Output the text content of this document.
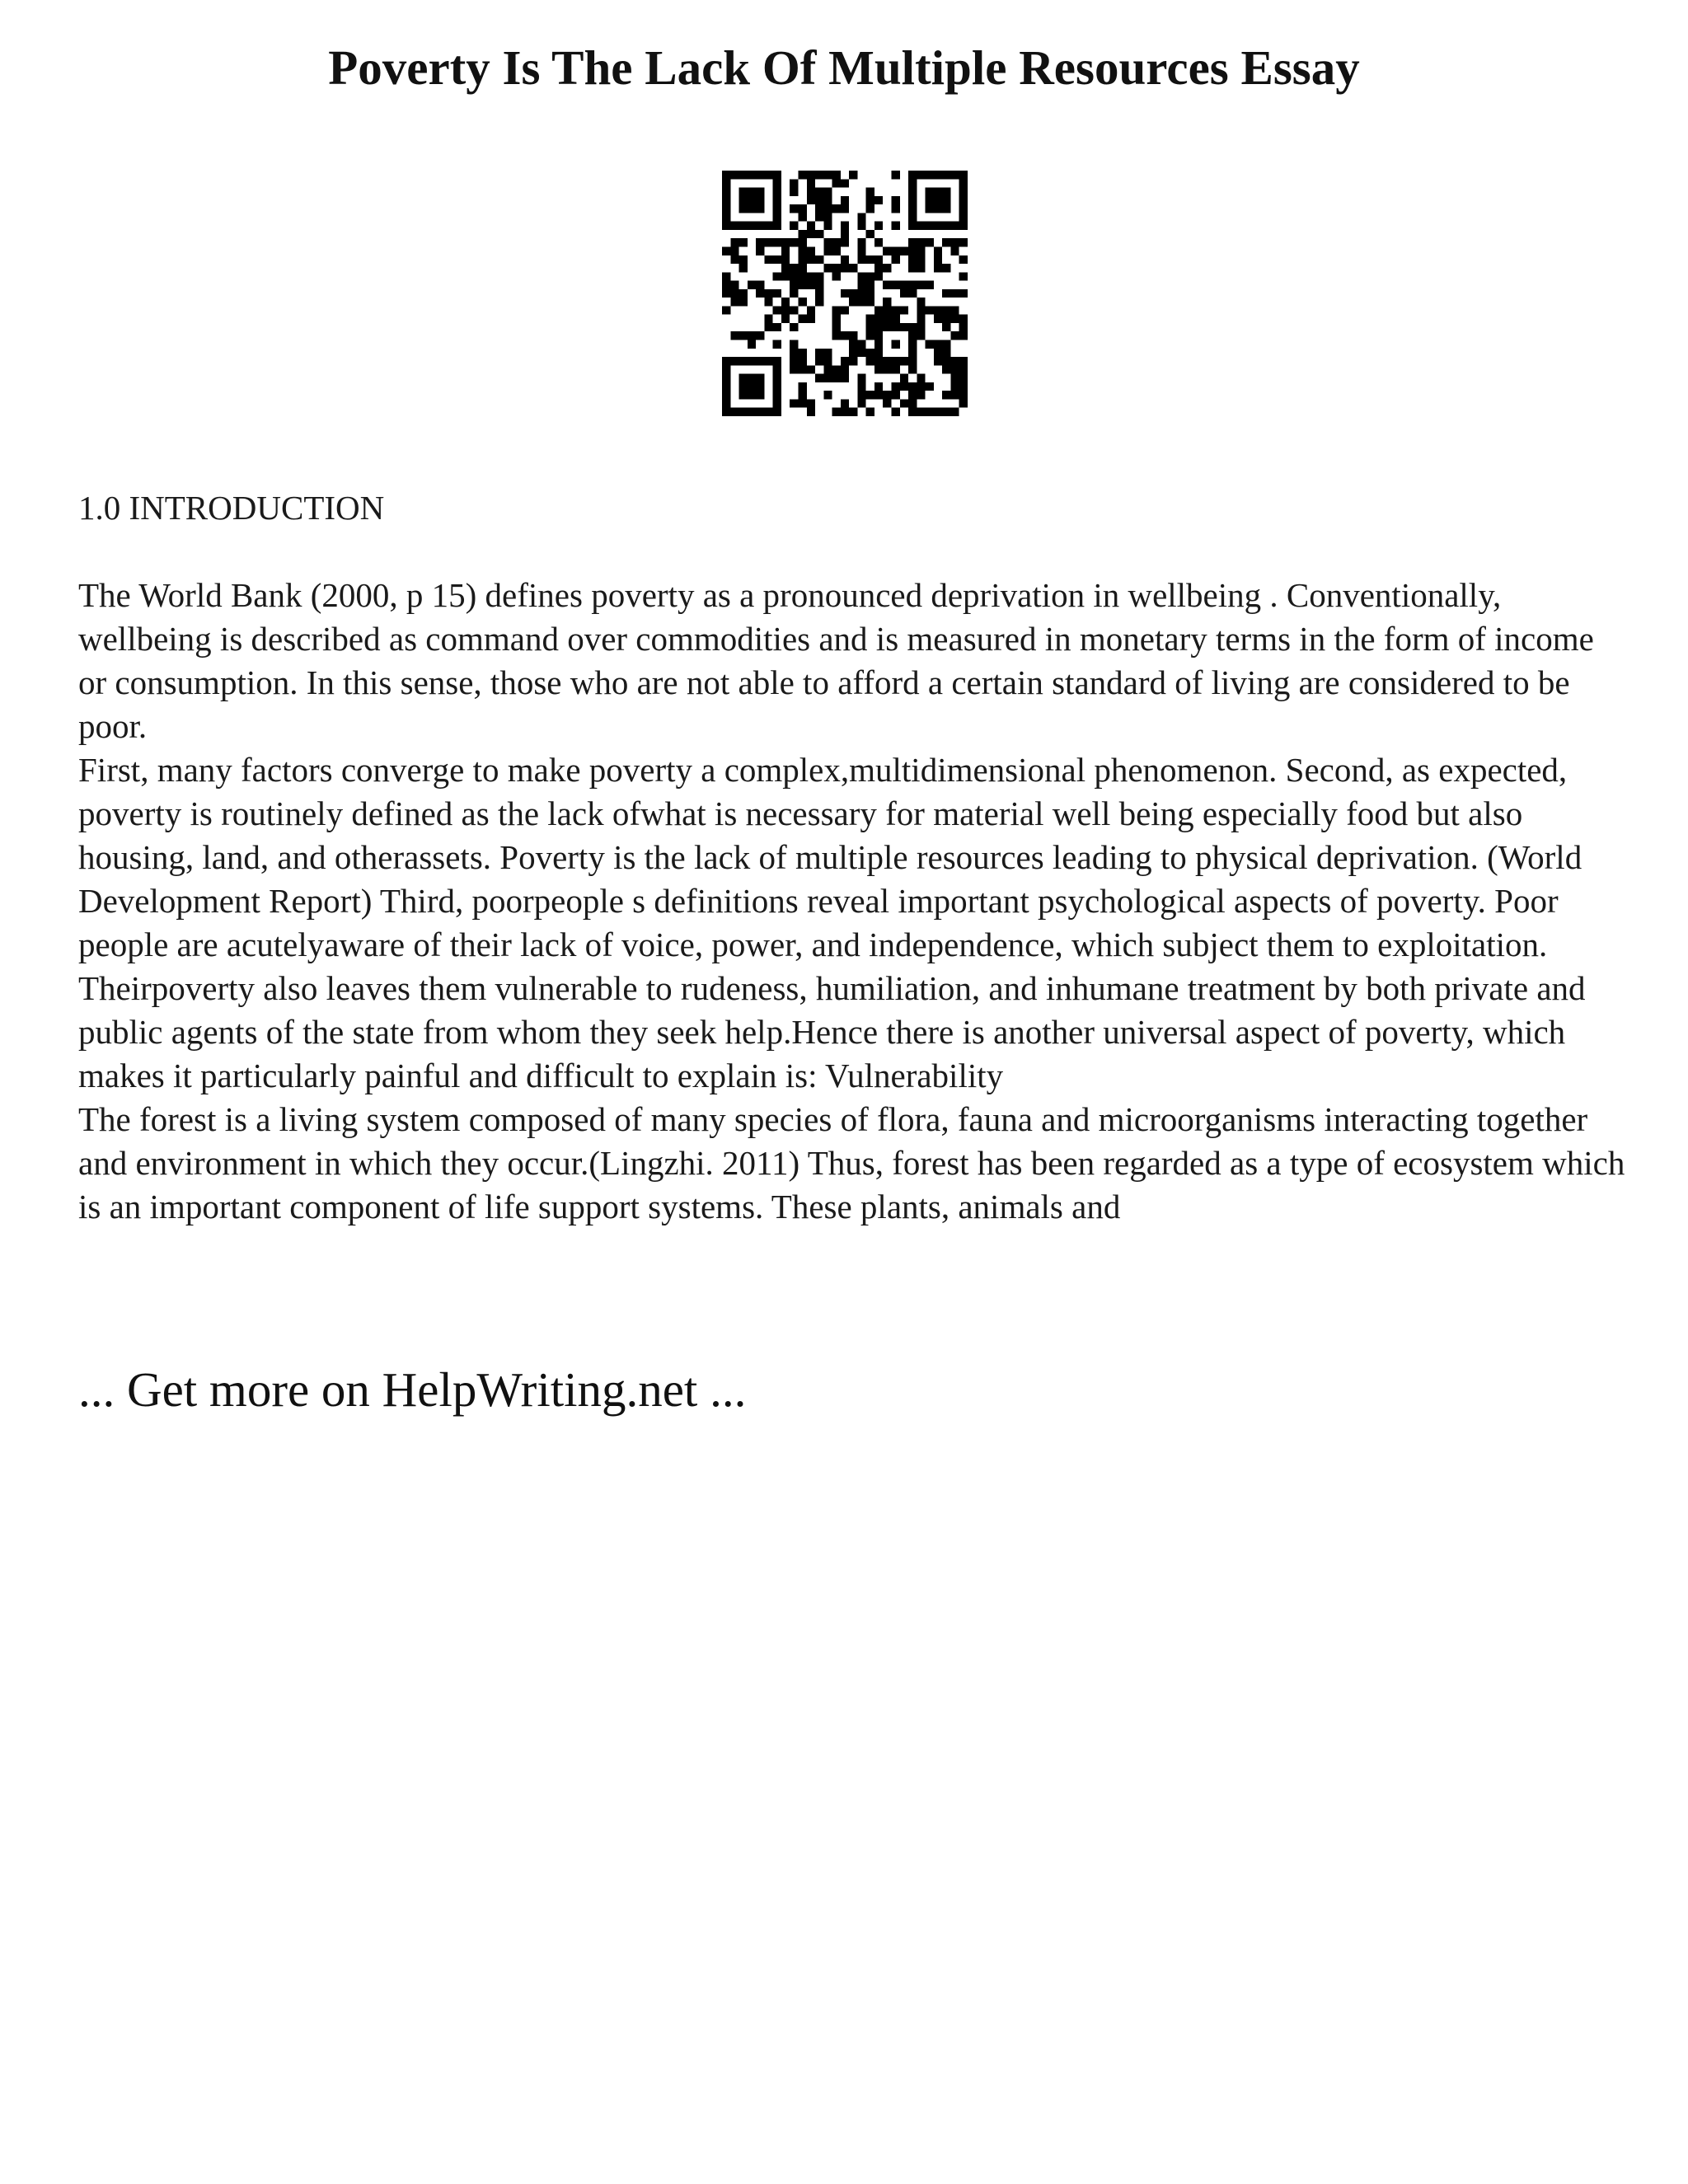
Poverty Is The Lack Of Multiple Resources Essay

1.0 INTRODUCTION

The World Bank (2000, p 15) defines poverty as a pronounced deprivation in wellbeing . Conventionally, wellbeing is described as command over commodities and is measured in monetary terms in the form of income or consumption. In this sense, those who are not able to afford a certain standard of living are considered to be poor.

First, many factors converge to make poverty a complex,multidimensional phenomenon. Second, as expected, poverty is routinely defined as the lack ofwhat is necessary for material well being especially food but also housing, land, and otherassets. Poverty is the lack of multiple resources leading to physical deprivation. (World Development Report) Third, poorpeople s definitions reveal important psychological aspects of poverty. Poor people are acutelyaware of their lack of voice, power, and independence, which subject them to exploitation. Theirpoverty also leaves them vulnerable to rudeness, humiliation, and inhumane treatment by both private and public agents of the state from whom they seek help.Hence there is another universal aspect of poverty, which makes it particularly painful and difficult to explain is: Vulnerability

The forest is a living system composed of many species of flora, fauna and microorganisms interacting together and environment in which they occur.(Lingzhi. 2011) Thus, forest has been regarded as a type of ecosystem which is an important component of life support systems. These plants, animals and

... Get more on HelpWriting.net ...
